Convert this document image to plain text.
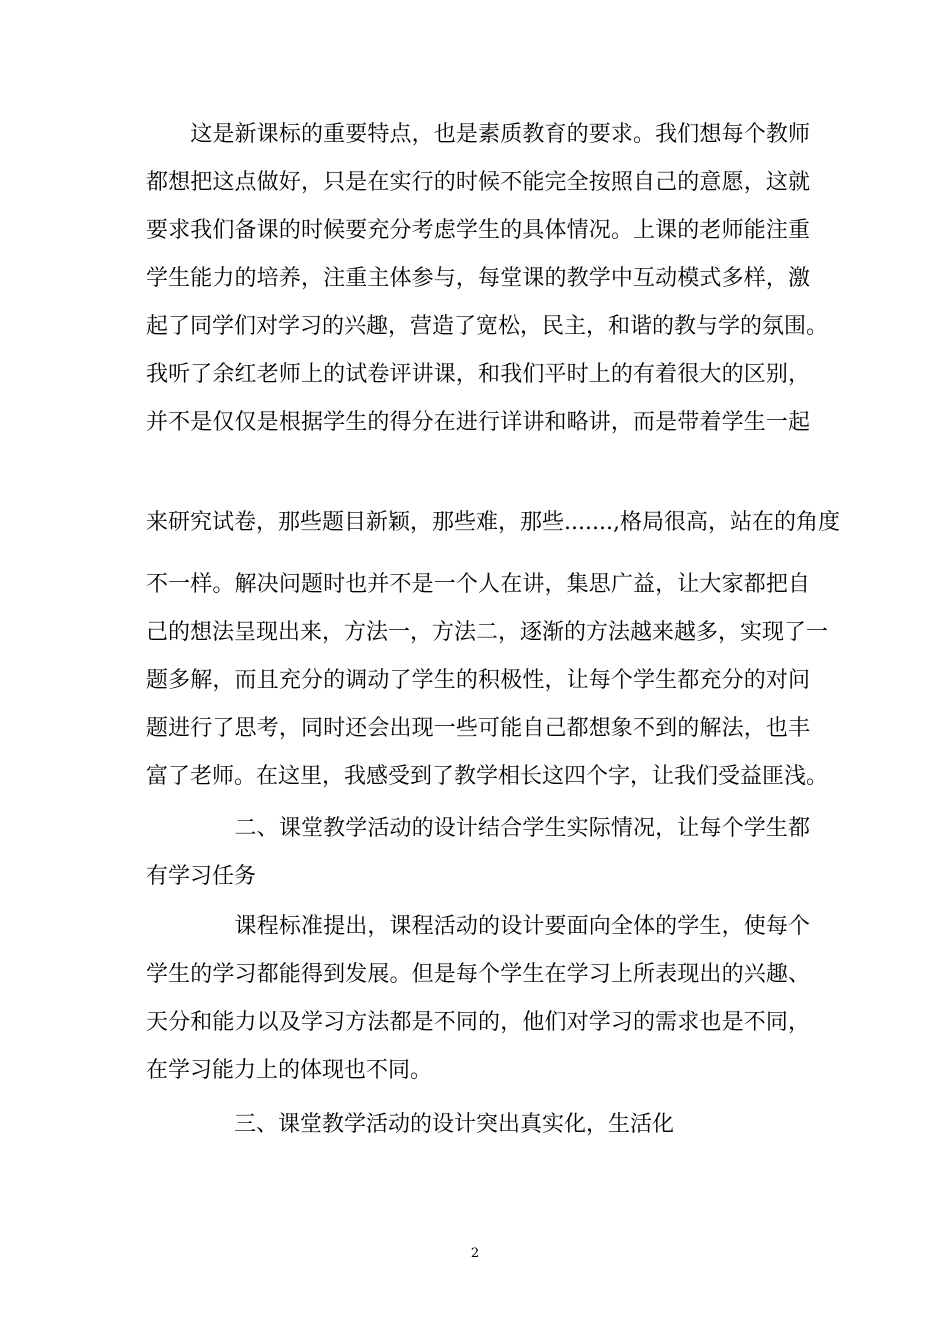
　　这是新课标的重要特点，也是素质教育的要求。我们想每个教师
都想把这点做好，只是在实行的时候不能完全按照自己的意愿，这就
要求我们备课的时候要充分考虑学生的具体情况。上课的老师能注重
学生能力的培养，注重主体参与，每堂课的教学中互动模式多样，激
起了同学们对学习的兴趣，营造了宽松，民主，和谐的教与学的氛围。
我听了余红老师上的试卷评讲课，和我们平时上的有着很大的区别，
并不是仅仅是根据学生的得分在进行详讲和略讲，而是带着学生一起
来研究试卷，那些题目新颖，那些难，那些.......,格局很高，站在的角度
不一样。解决问题时也并不是一个人在讲，集思广益，让大家都把自
己的想法呈现出来，方法一，方法二，逐渐的方法越来越多，实现了一
题多解，而且充分的调动了学生的积极性，让每个学生都充分的对问
题进行了思考，同时还会出现一些可能自己都想象不到的解法，也丰
富了老师。在这里，我感受到了教学相长这四个字，让我们受益匪浅。
　　　　二、课堂教学活动的设计结合学生实际情况，让每个学生都
有学习任务
　　　　课程标准提出，课程活动的设计要面向全体的学生，使每个
学生的学习都能得到发展。但是每个学生在学习上所表现出的兴趣、
天分和能力以及学习方法都是不同的，他们对学习的需求也是不同，
在学习能力上的体现也不同。
　　　　三、课堂教学活动的设计突出真实化，生活化
2
